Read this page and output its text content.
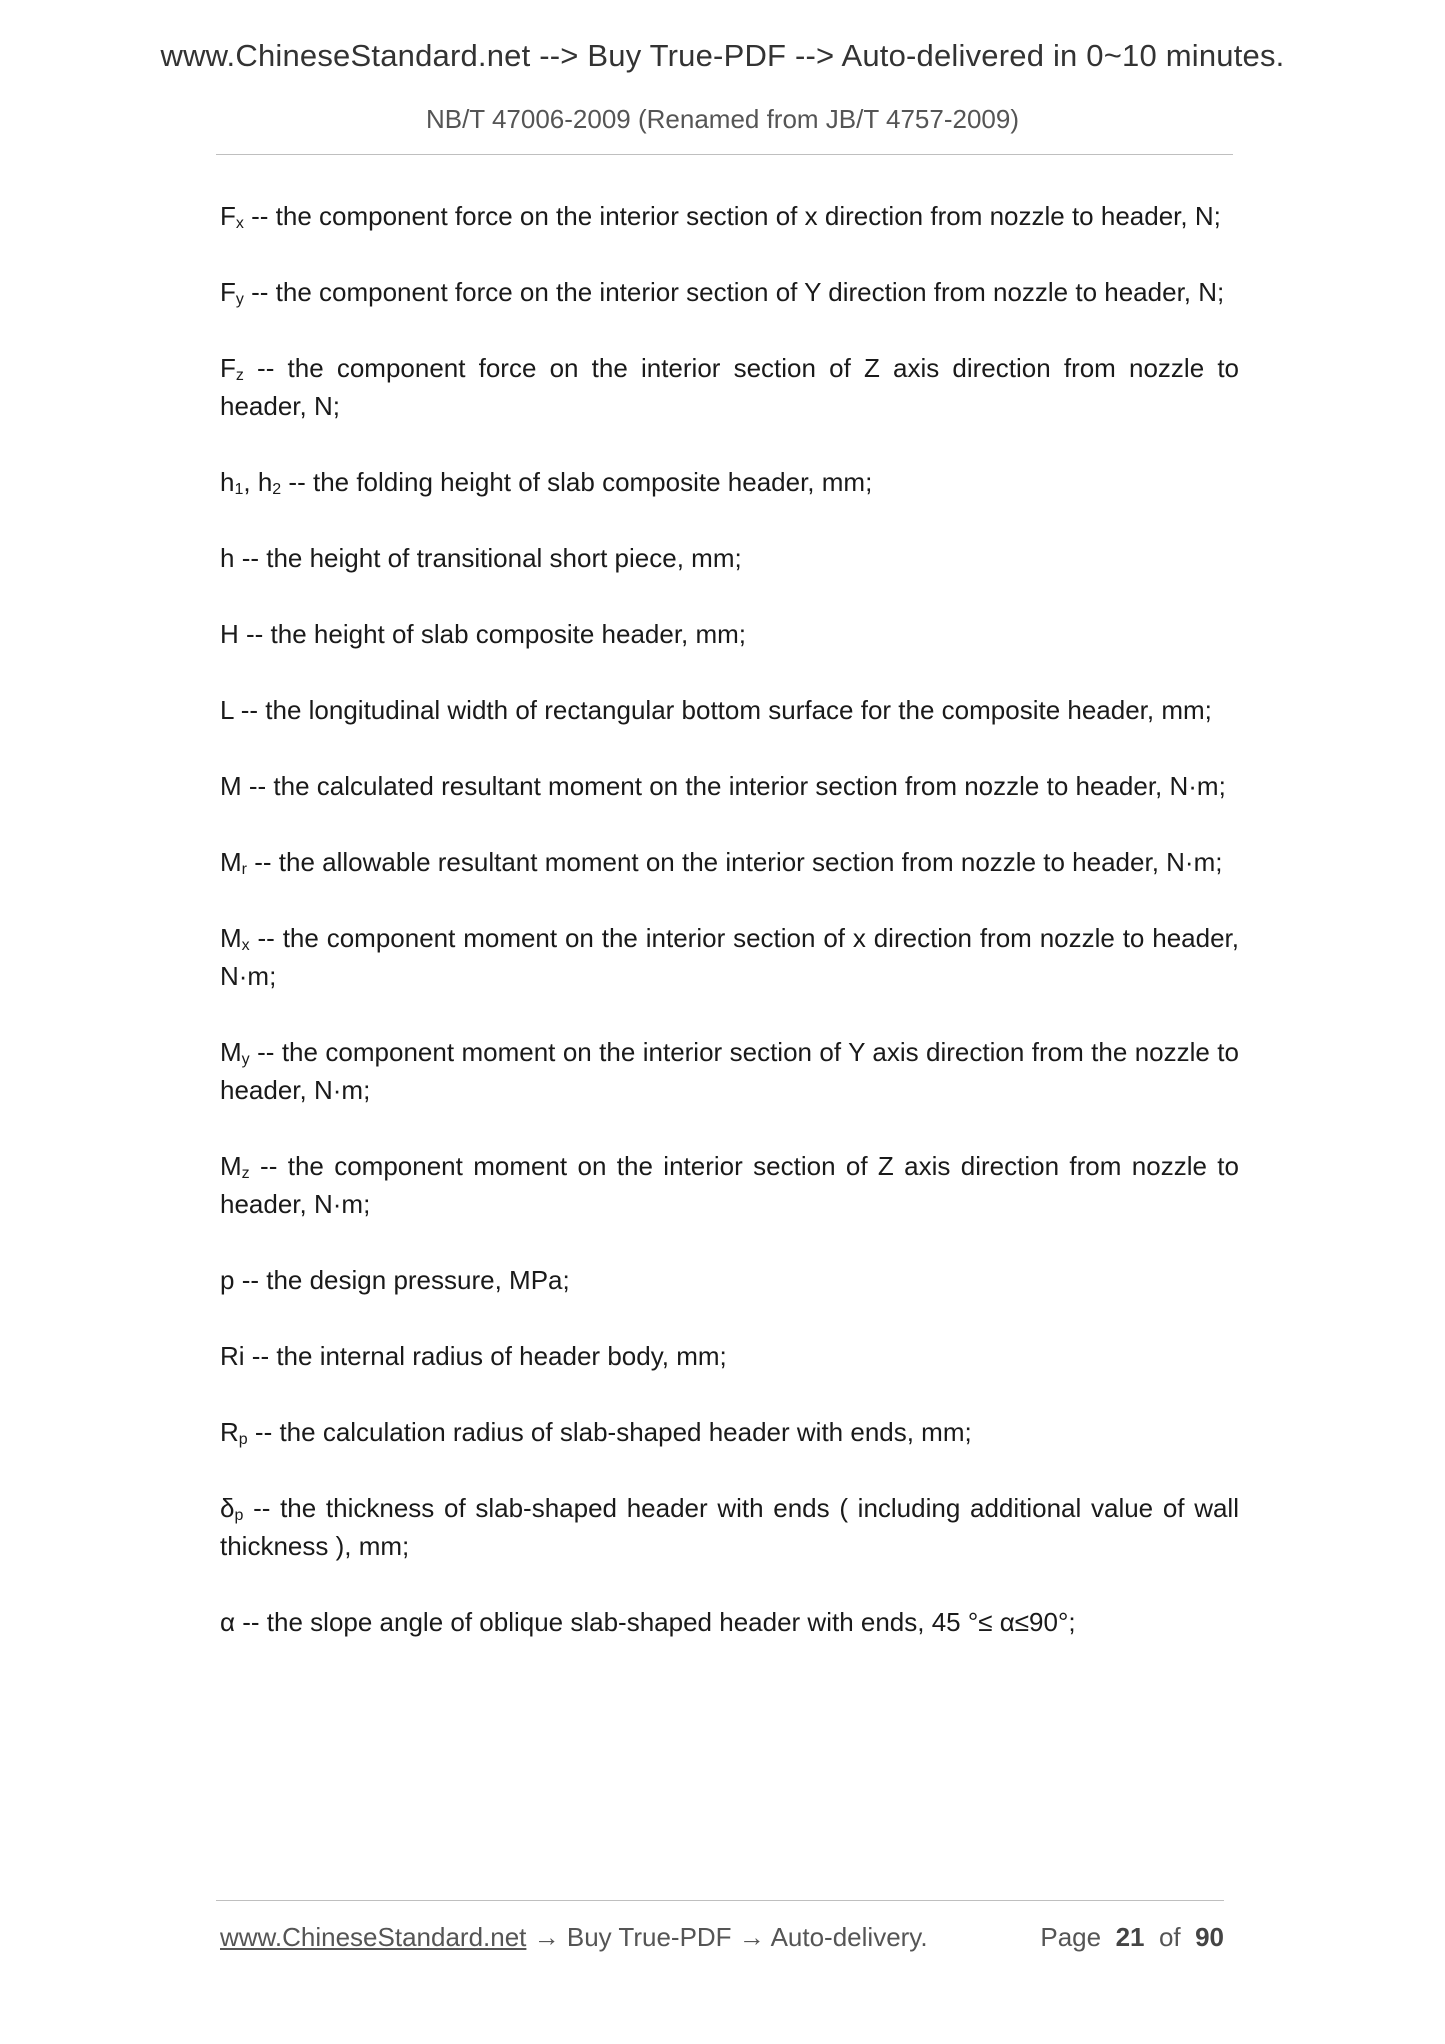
www.ChineseStandard.net --> Buy True-PDF --> Auto-delivered in 0~10 minutes.
NB/T 47006-2009 (Renamed from JB/T 4757-2009)

$F_x$ -- the component force on the interior section of x direction from nozzle to header, N;

$F_y$ -- the component force on the interior section of Y direction from nozzle to header, N;

$F_z$ -- the component force on the interior section of Z axis direction from nozzle to header, N;

$h_1$, $h_2$ -- the folding height of slab composite header, mm;

h -- the height of transitional short piece, mm;

H -- the height of slab composite header, mm;

L -- the longitudinal width of rectangular bottom surface for the composite header, mm;

M -- the calculated resultant moment on the interior section from nozzle to header, N·m;

$M_r$ -- the allowable resultant moment on the interior section from nozzle to header, N·m;

$M_x$ -- the component moment on the interior section of x direction from nozzle to header, N·m;

$M_y$ -- the component moment on the interior section of Y axis direction from the nozzle to header, N·m;

$M_z$ -- the component moment on the interior section of Z axis direction from nozzle to header, N·m;

p -- the design pressure, MPa;

Ri -- the internal radius of header body, mm;

$R_p$ -- the calculation radius of slab-shaped header with ends, mm;

$\delta_p$ -- the thickness of slab-shaped header with ends ( including additional value of wall thickness ), mm;

α -- the slope angle of oblique slab-shaped header with ends, 45 °≤ α≤90°;

www.ChineseStandard.net → Buy True-PDF → Auto-delivery.	Page 21 of 90
